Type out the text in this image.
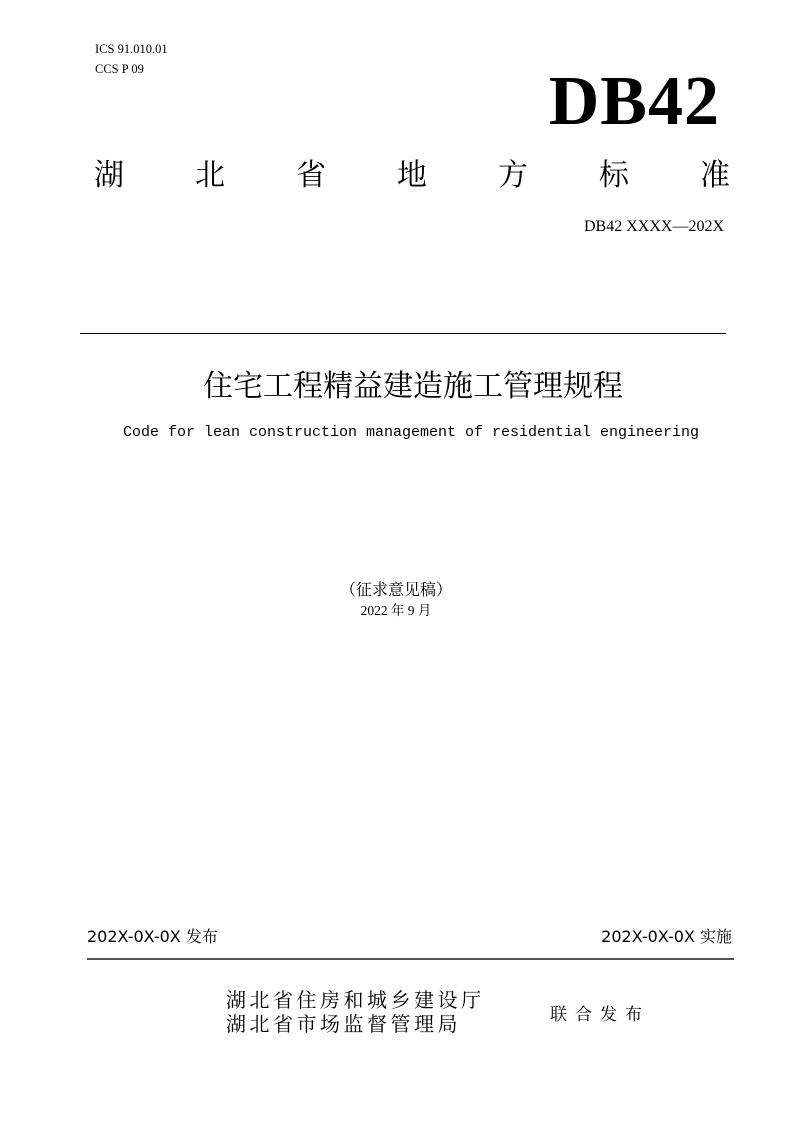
ICS 91.010.01
CCS P 09	DB42
湖 北 省 地 方 标 准
DB42 XXXX—202X
住宅工程精益建造施工管理规程
Code for lean construction management of residential engineering
（征求意见稿）
2022 年 9 月
202X-0X-0X 发布	202X-0X-0X 实施
湖北省住房和城乡建设厅
湖北省市场监督管理局	联合发布
